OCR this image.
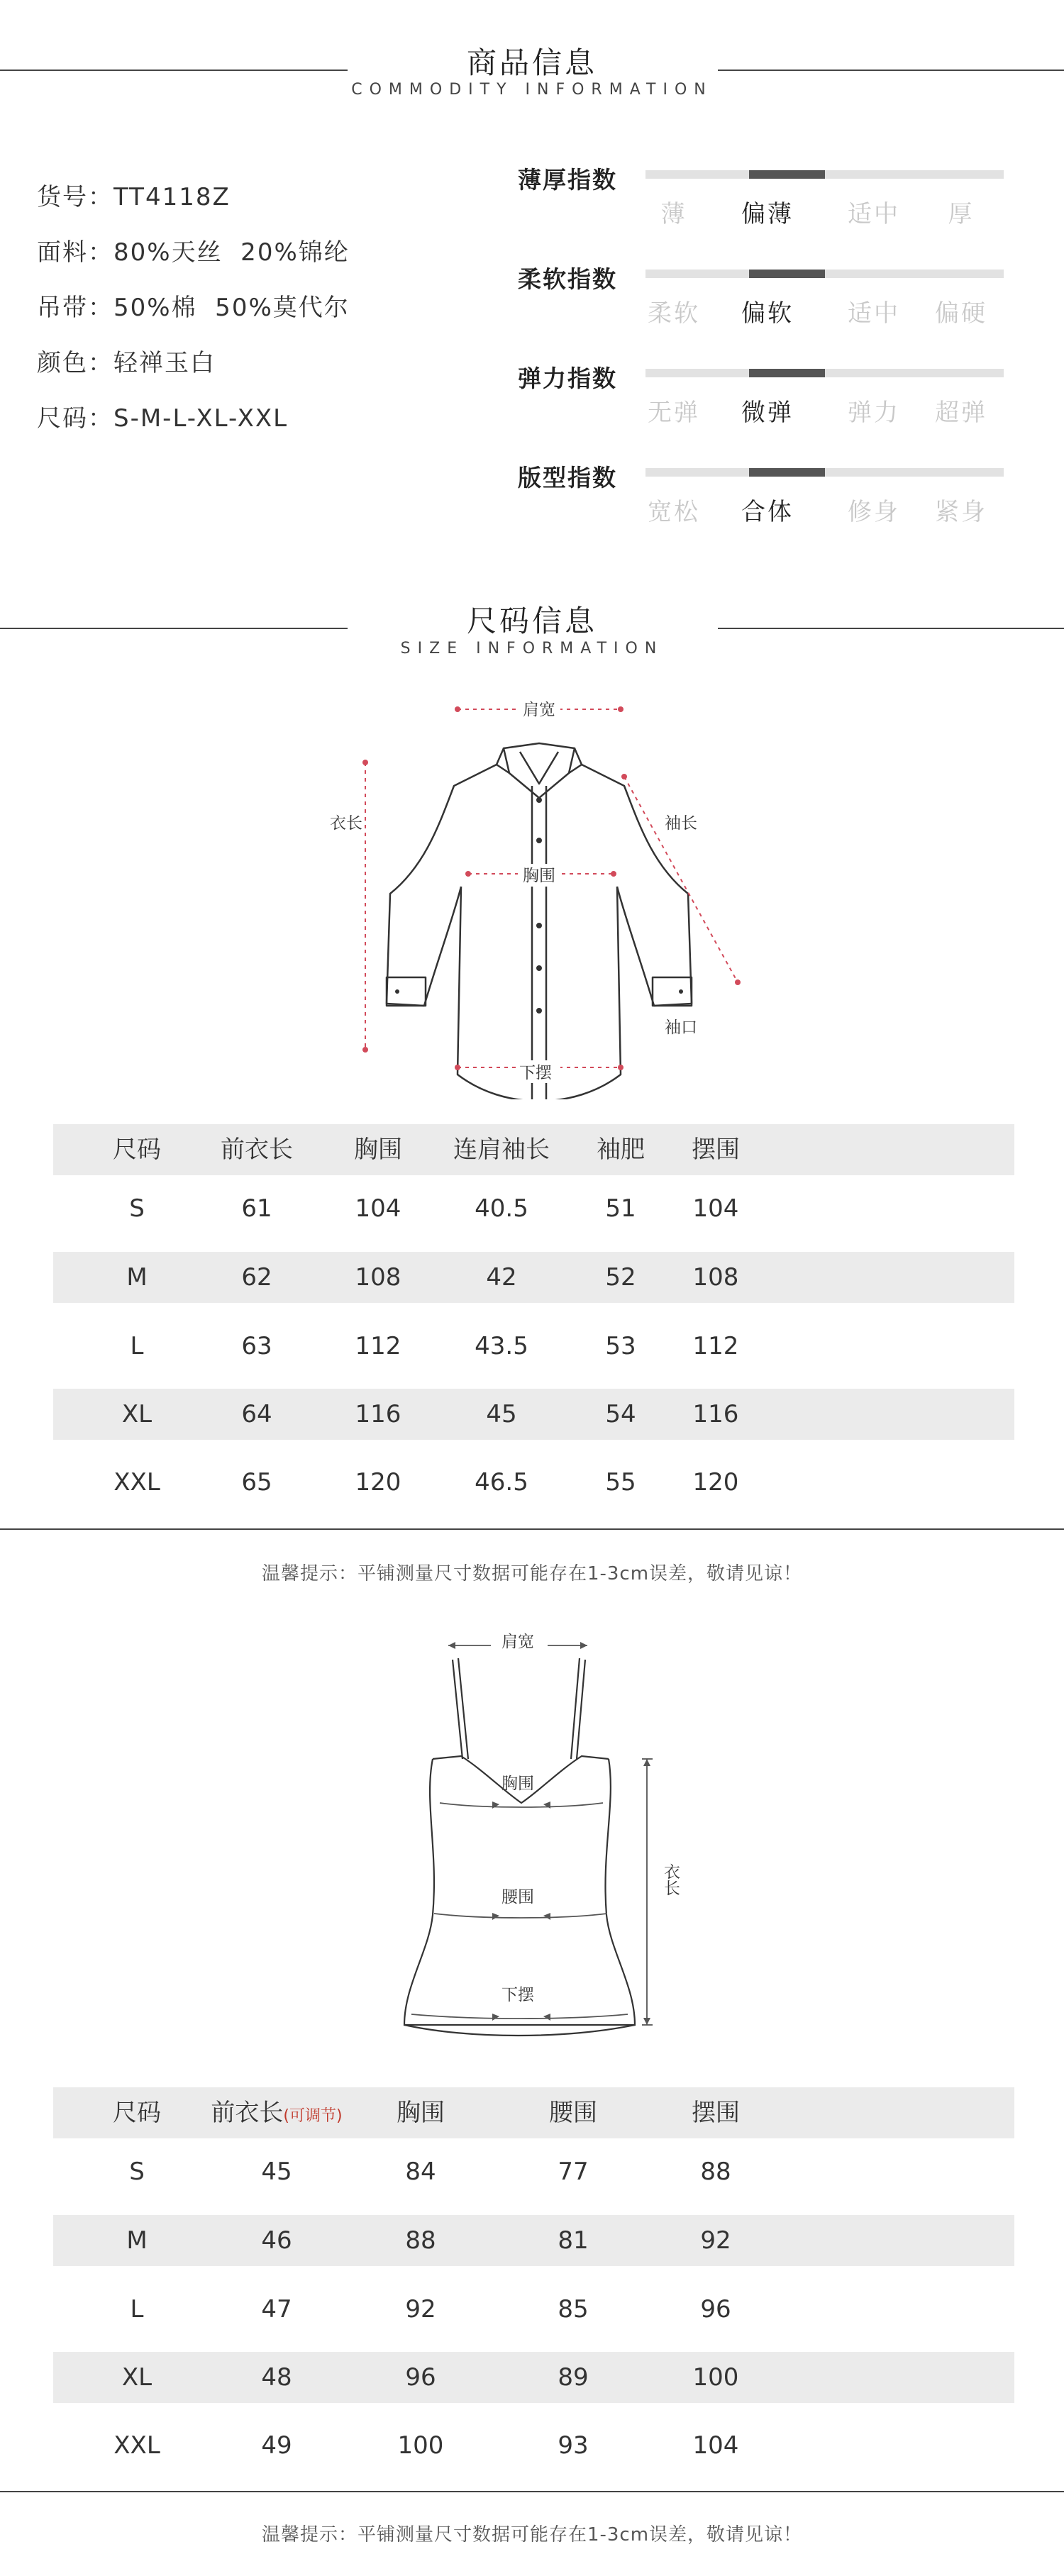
商品信息
COMMODITY INFORMATION
货号：TT4118Z
面料：80%天丝  20%锦纶
吊带：50%棉  50%莫代尔
颜色：轻禅玉白
尺码：S-M-L-XL-XXL
薄厚指数
薄	偏薄	适中	厚
柔软指数
柔软	偏软	适中	偏硬
弹力指数
无弹	微弹	弹力	超弹
版型指数
宽松	合体	修身	紧身
尺码信息
SIZE INFORMATION
肩宽
衣长	袖长
胸围
袖口
下摆
尺码 前衣长	胸围 连肩袖长 袖肥 摆围
S	61	104	40.5	51 104
M	62	108	42	52 108
L	63	112	43.5	53 112
XL	64	116	45	54 116
XXL	65	120	46.5	55 120
温馨提示：平铺测量尺寸数据可能存在1-3cm误差，敬请见谅！
肩宽
胸围
腰围
下摆
衣长
尺码 前衣长(可调节) 胸围	腰围	摆围
S	45	84	77	88
M	46	88	81	92
L	47	92	85	96
XL	48	96	89	100
XXL	49	100	93	104
温馨提示：平铺测量尺寸数据可能存在1-3cm误差，敬请见谅！
